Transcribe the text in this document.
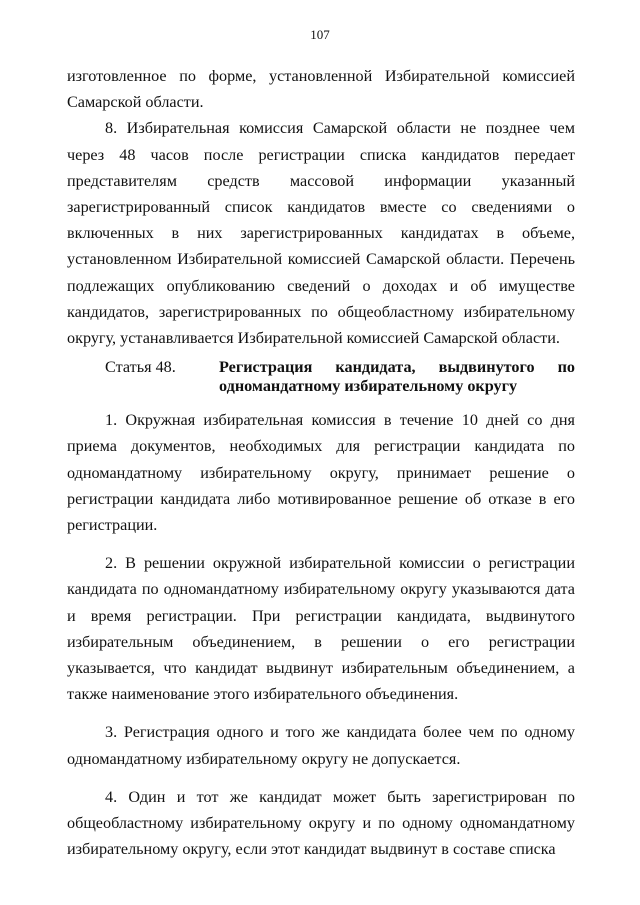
107

изготовленное по форме, установленной Избирательной комиссией Самарской области.

8. Избирательная комиссия Самарской области не позднее чем через 48 часов после регистрации списка кандидатов передает представителям средств массовой информации указанный зарегистрированный список кандидатов вместе со сведениями о включенных в них зарегистрированных кандидатах в объеме, установленном Избирательной комиссией Самарской области. Перечень подлежащих опубликованию сведений о доходах и об имуществе кандидатов, зарегистрированных по общеобластному избирательному округу, устанавливается Избирательной комиссией Самарской области.

Статья 48.	Регистрация кандидата, выдвинутого по одномандатному избирательному округу

1. Окружная избирательная комиссия в течение 10 дней со дня приема документов, необходимых для регистрации кандидата по одномандатному избирательному округу, принимает решение о регистрации кандидата либо мотивированное решение об отказе в его регистрации.

2. В решении окружной избирательной комиссии о регистрации кандидата по одномандатному избирательному округу указываются дата и время регистрации. При регистрации кандидата, выдвинутого избирательным объединением, в решении о его регистрации указывается, что кандидат выдвинут избирательным объединением, а также наименование этого избирательного объединения.

3. Регистрация одного и того же кандидата более чем по одному одномандатному избирательному округу не допускается.

4. Один и тот же кандидат может быть зарегистрирован по общеобластному избирательному округу и по одному одномандатному избирательному округу, если этот кандидат выдвинут в составе списка
